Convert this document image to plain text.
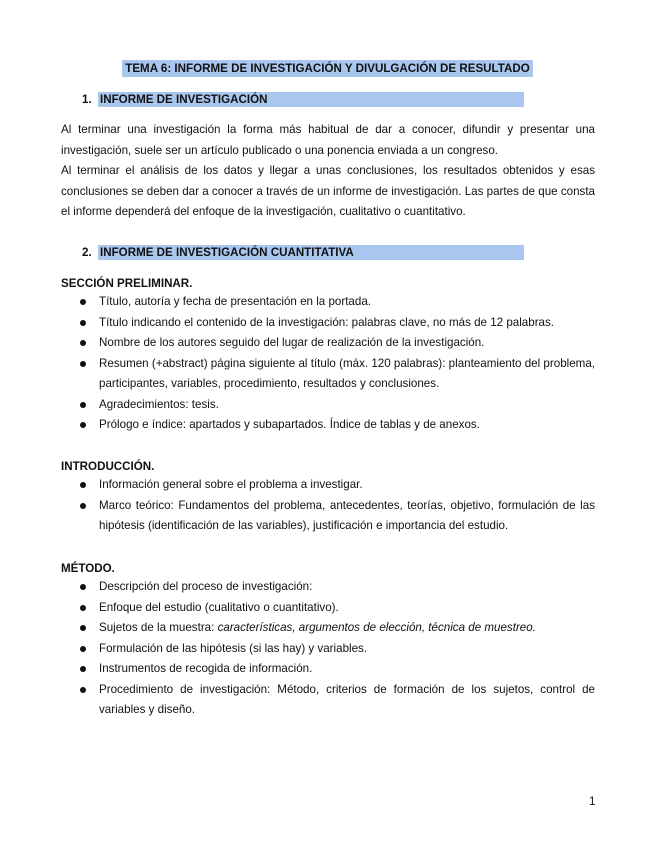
TEMA 6: INFORME DE INVESTIGACIÓN Y DIVULGACIÓN DE RESULTADO
1. INFORME DE INVESTIGACIÓN
Al terminar una investigación la forma más habitual de dar a conocer, difundir y presentar una
investigación, suele ser un artículo publicado o una ponencia enviada a un congreso.
Al terminar el análisis de los datos y llegar a unas conclusiones, los resultados obtenidos y esas
conclusiones se deben dar a conocer a través de un informe de investigación. Las partes de que consta
el informe dependerá del enfoque de la investigación, cualitativo o cuantitativo.
2. INFORME DE INVESTIGACIÓN CUANTITATIVA
SECCIÓN PRELIMINAR.
Título, autoría y fecha de presentación en la portada.
Título indicando el contenido de la investigación: palabras clave, no más de 12 palabras.
Nombre de los autores seguido del lugar de realización de la investigación.
Resumen (+abstract) página siguiente al título (máx. 120 palabras): planteamiento del problema,
participantes, variables, procedimiento, resultados y conclusiones.
Agradecimientos: tesis.
Prólogo e índice: apartados y subapartados. Índice de tablas y de anexos.
INTRODUCCIÓN.
Información general sobre el problema a investigar.
Marco teórico: Fundamentos del problema, antecedentes, teorías, objetivo, formulación de las
hipótesis (identificación de las variables), justificación e importancia del estudio.
MÉTODO.
Descripción del proceso de investigación:
Enfoque del estudio (cualitativo o cuantitativo).
Sujetos de la muestra: características, argumentos de elección, técnica de muestreo.
Formulación de las hipótesis (si las hay) y variables.
Instrumentos de recogida de información.
Procedimiento de investigación: Método, criterios de formación de los sujetos, control de
variables y diseño.
1
